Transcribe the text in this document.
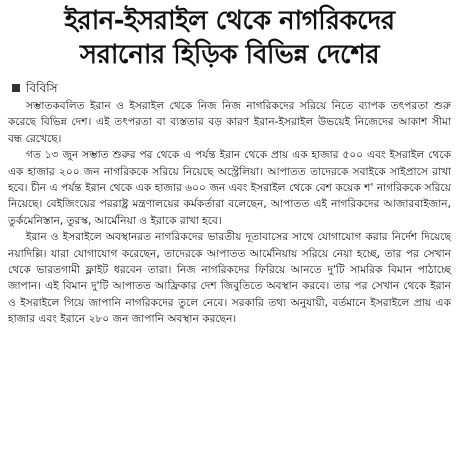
ইরান-ইসরাইল থেকে নাগরিকদের
সরানোর হিড়িক বিভিন্ন দেশের
বিবিসি

সম্ভাতকবলিত ইরান ও ইসরাইল থেকে নিজ নিজ নাগরিকদের সরিয়ে নিতে ব্যাপক তৎপরতা শুরু করেছে বিভিন্ন দেশ। এই তৎপরতা বা ব্যস্ততার বড় কারণ ইরান-ইসরাইল উভয়েই নিজেদের আকাশ সীমা বন্ধ রেখেছে।

গত ১৩ জুন সম্ভাত শুরুর পর থেকে এ পর্যন্ত ইরান থেকে প্রায় এক হাজার ৫০০ এবং ইসরাইল থেকে এক হাজার ২০০ জন নাগরিককে সরিয়ে নিয়েছে অস্ট্রেলিয়া। আপাতত তাদেরকে সবাইকে সাইপ্রাসে রাখা হবে। চীন এ পর্যন্ত ইরান থেকে এক হাজার ৬০০ জন এবং ইসরাইল থেকে বেশ কয়েক শ' নাগরিককে সরিয়ে নিয়েছে। বেইজিংয়ের পররাষ্ট্র মন্ত্রণালয়ের কর্মকর্তারা বলেছেন, আপাতত এই নাগরিকদের আজারবাইজান, তুর্কমেনিস্তান, তুরস্ক, আর্মেনিয়া ও ইরাকে রাখা হবে।

ইরান ও ইসরাইলে অবস্থানরত নাগরিকদের ভারতীয় দূতাবাসের সাথে যোগাযোগ করার নির্দেশ দিয়েছে নয়াদিল্লি। যারা যোগাযোগ করেছেন, তাদেরকে আপাতত আর্মেনিয়ায় সরিয়ে নেয়া হচ্ছে, তার পর সেখান থেকে ভারতগামী ফ্লাইট ধরবেন তারা। নিজ নাগরিকদের ফিরিয়ে আনতে দু'টি সামরিক বিমান পাঠাচ্ছে জাপান। এই বিমান দু'টি আপাতত আফ্রিকার দেশ জিবুতিতে অবস্থান করবে। তার পর সেখান থেকে ইরান ও ইসরাইলে গিয়ে জাপানি নাগরিকদের তুলে নেবে। সরকারি তথ্য অনুযায়ী, বর্তমানে ইসরাইলে প্রায় এক হাজার এবং ইরানে ২৮০ জন জাপানি অবস্থান করছেন।
